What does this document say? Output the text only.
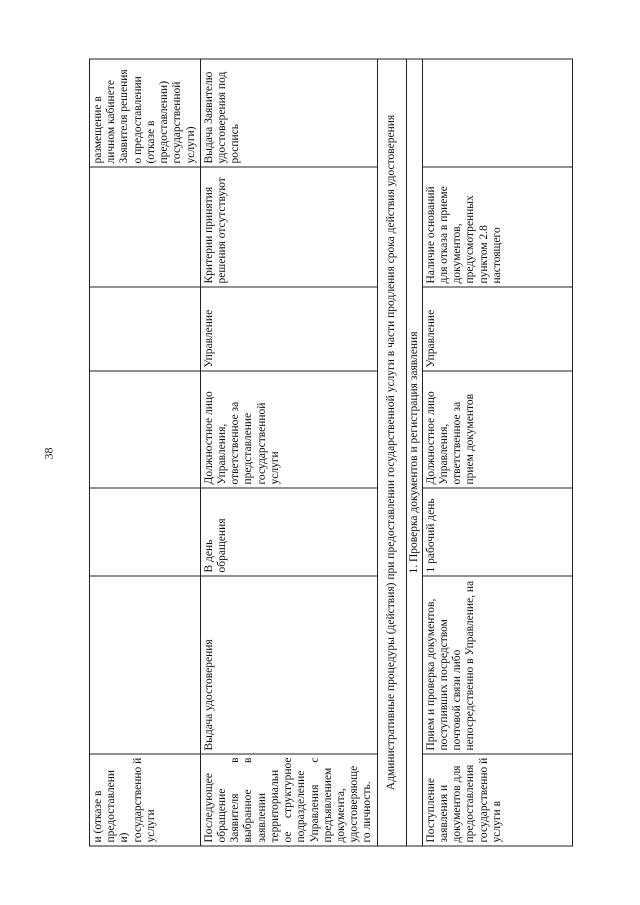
38
и (отказе в предоставлени и) государственно й услуги						размещение в личном кабинете Заявителя решения о предоставлении (отказе в предоставлении) государственной услуги)
Последующее обращение Заявителя в выбранное в заявлении территориальн ое структурное подразделение Управления с предъявлением документа, удостоверяюще го личность.	Выдача удостоверения	В день обращения	Должностное лицо Управления, ответственное за представление государственной услуги	Управление	Критерии принятия решения отсутствуют	Выдача Заявителю удостоверения под роспись
Административные процедуры (действия) при предоставлении государственной услуги в части продления срока действия удостоверения						
1. Проверка документов и регистрация заявления						
Поступление заявления и документов для предоставления государственно й услуги в	Прием и проверка документов, поступивших посредством почтовой связи либо непосредственно в Управление, на	1 рабочий день	Должностное лицо Управления, ответственное за прием документов	Управление	Наличие оснований для отказа в приеме документов, предусмотренных пунктом 2.8 настоящего	
